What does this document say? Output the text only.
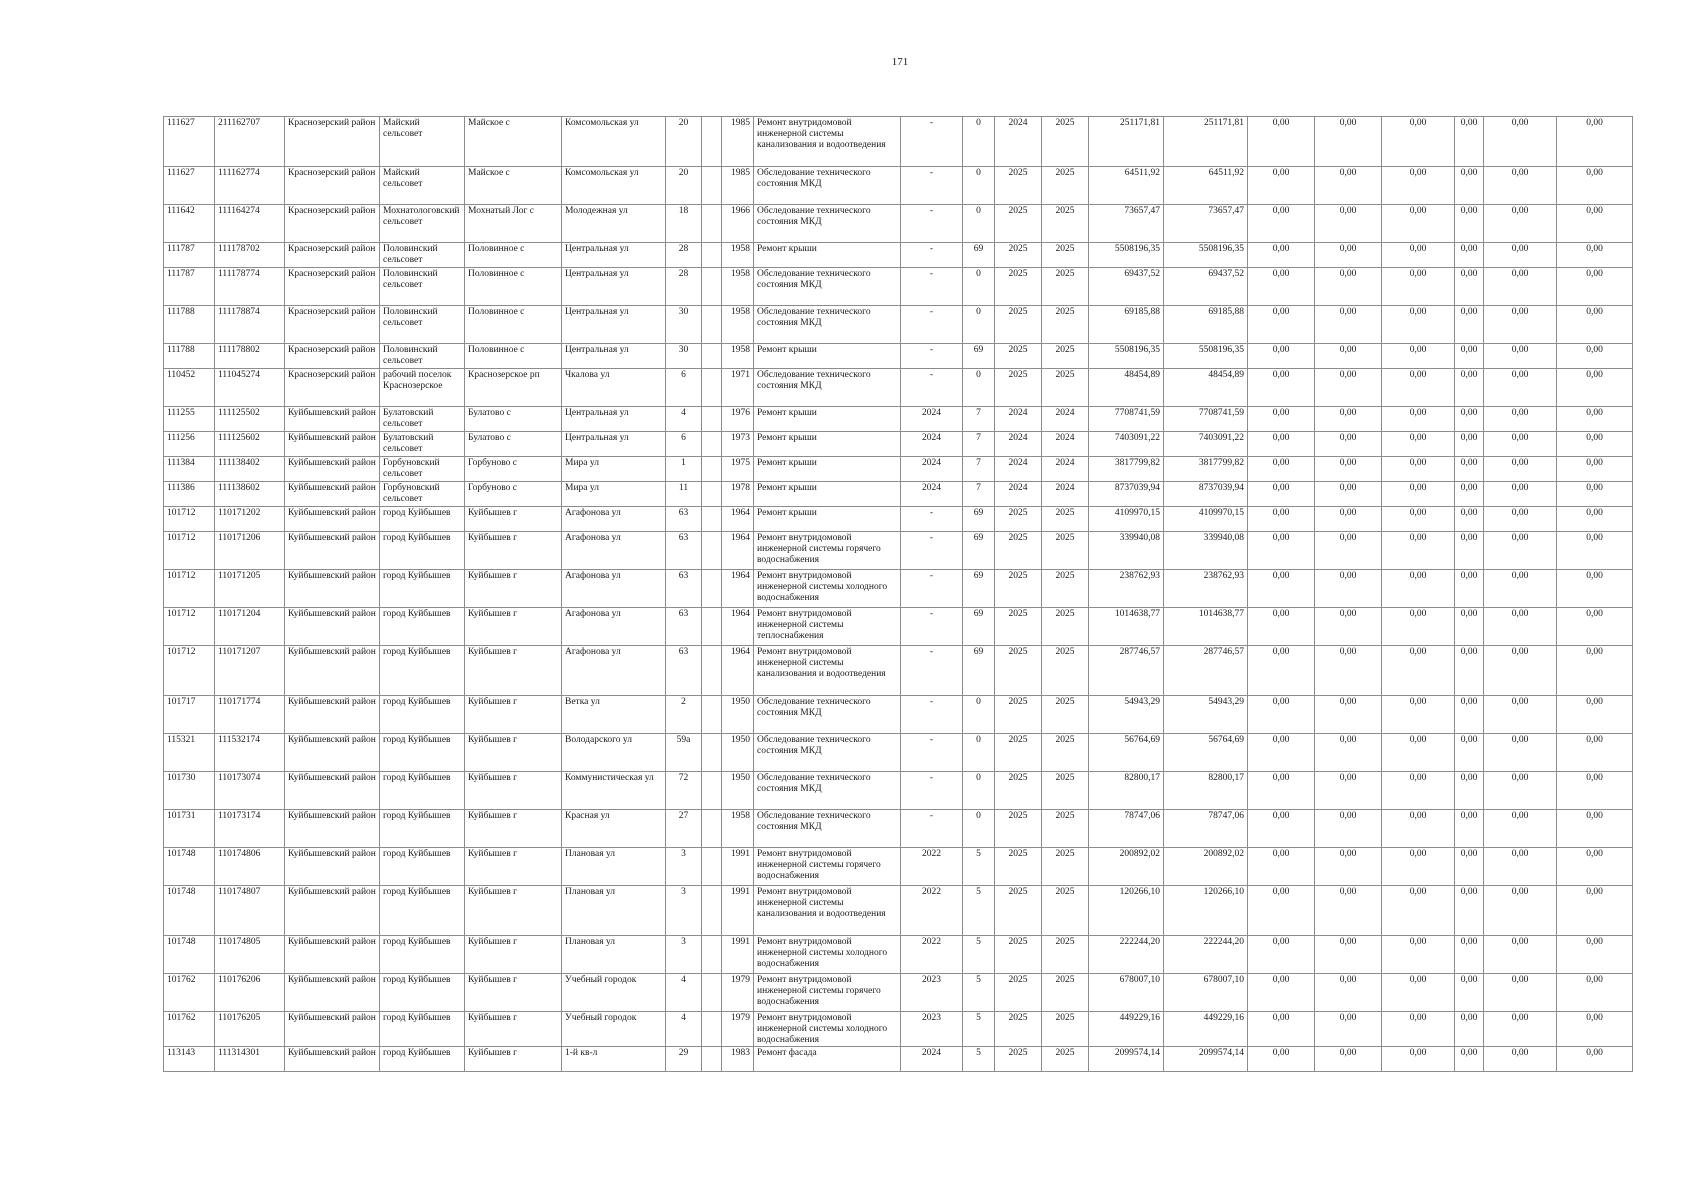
171
111627	211162707	Краснозерский район	Майский сельсовет	Майское с	Комсомольская ул	20		1985	Ремонт внутридомовой инженерной системы канализования и водоотведения	-	0	2024	2025	251171,81	251171,81	0,00	0,00	0,00	0,00	0,00	0,00
111627	111162774	Краснозерский район	Майский сельсовет	Майское с	Комсомольская ул	20		1985	Обследование технического состояния МКД	-	0	2025	2025	64511,92	64511,92	0,00	0,00	0,00	0,00	0,00	0,00
111642	111164274	Краснозерский район	Мохнатологовский сельсовет	Мохнатый Лог с	Молодежная ул	18		1966	Обследование технического состояния МКД	-	0	2025	2025	73657,47	73657,47	0,00	0,00	0,00	0,00	0,00	0,00
111787	111178702	Краснозерский район	Половинский сельсовет	Половинное с	Центральная ул	28		1958	Ремонт крыши	-	69	2025	2025	5508196,35	5508196,35	0,00	0,00	0,00	0,00	0,00	0,00
111787	111178774	Краснозерский район	Половинский сельсовет	Половинное с	Центральная ул	28		1958	Обследование технического состояния МКД	-	0	2025	2025	69437,52	69437,52	0,00	0,00	0,00	0,00	0,00	0,00
111788	111178874	Краснозерский район	Половинский сельсовет	Половинное с	Центральная ул	30		1958	Обследование технического состояния МКД	-	0	2025	2025	69185,88	69185,88	0,00	0,00	0,00	0,00	0,00	0,00
111788	111178802	Краснозерский район	Половинский сельсовет	Половинное с	Центральная ул	30		1958	Ремонт крыши	-	69	2025	2025	5508196,35	5508196,35	0,00	0,00	0,00	0,00	0,00	0,00
110452	111045274	Краснозерский район	рабочий поселок Краснозерское	Краснозерское рп	Чкалова ул	6		1971	Обследование технического состояния МКД	-	0	2025	2025	48454,89	48454,89	0,00	0,00	0,00	0,00	0,00	0,00
111255	111125502	Куйбышевский район	Булатовский сельсовет	Булатово с	Центральная ул	4		1976	Ремонт крыши	2024	7	2024	2024	7708741,59	7708741,59	0,00	0,00	0,00	0,00	0,00	0,00
111256	111125602	Куйбышевский район	Булатовский сельсовет	Булатово с	Центральная ул	6		1973	Ремонт крыши	2024	7	2024	2024	7403091,22	7403091,22	0,00	0,00	0,00	0,00	0,00	0,00
111384	111138402	Куйбышевский район	Горбуновский сельсовет	Горбуново с	Мира ул	1		1975	Ремонт крыши	2024	7	2024	2024	3817799,82	3817799,82	0,00	0,00	0,00	0,00	0,00	0,00
111386	111138602	Куйбышевский район	Горбуновский сельсовет	Горбуново с	Мира ул	11		1978	Ремонт крыши	2024	7	2024	2024	8737039,94	8737039,94	0,00	0,00	0,00	0,00	0,00	0,00
101712	110171202	Куйбышевский район	город Куйбышев	Куйбышев г	Агафонова ул	63		1964	Ремонт крыши	-	69	2025	2025	4109970,15	4109970,15	0,00	0,00	0,00	0,00	0,00	0,00
101712	110171206	Куйбышевский район	город Куйбышев	Куйбышев г	Агафонова ул	63		1964	Ремонт внутридомовой инженерной системы горячего водоснабжения	-	69	2025	2025	339940,08	339940,08	0,00	0,00	0,00	0,00	0,00	0,00
101712	110171205	Куйбышевский район	город Куйбышев	Куйбышев г	Агафонова ул	63		1964	Ремонт внутридомовой инженерной системы холодного водоснабжения	-	69	2025	2025	238762,93	238762,93	0,00	0,00	0,00	0,00	0,00	0,00
101712	110171204	Куйбышевский район	город Куйбышев	Куйбышев г	Агафонова ул	63		1964	Ремонт внутридомовой инженерной системы теплоснабжения	-	69	2025	2025	1014638,77	1014638,77	0,00	0,00	0,00	0,00	0,00	0,00
101712	110171207	Куйбышевский район	город Куйбышев	Куйбышев г	Агафонова ул	63		1964	Ремонт внутридомовой инженерной системы канализования и водоотведения	-	69	2025	2025	287746,57	287746,57	0,00	0,00	0,00	0,00	0,00	0,00
101717	110171774	Куйбышевский район	город Куйбышев	Куйбышев г	Ветка ул	2		1950	Обследование технического состояния МКД	-	0	2025	2025	54943,29	54943,29	0,00	0,00	0,00	0,00	0,00	0,00
115321	111532174	Куйбышевский район	город Куйбышев	Куйбышев г	Володарского ул	59а		1950	Обследование технического состояния МКД	-	0	2025	2025	56764,69	56764,69	0,00	0,00	0,00	0,00	0,00	0,00
101730	110173074	Куйбышевский район	город Куйбышев	Куйбышев г	Коммунистическая ул	72		1950	Обследование технического состояния МКД	-	0	2025	2025	82800,17	82800,17	0,00	0,00	0,00	0,00	0,00	0,00
101731	110173174	Куйбышевский район	город Куйбышев	Куйбышев г	Красная ул	27		1958	Обследование технического состояния МКД	-	0	2025	2025	78747,06	78747,06	0,00	0,00	0,00	0,00	0,00	0,00
101748	110174806	Куйбышевский район	город Куйбышев	Куйбышев г	Плановая ул	3		1991	Ремонт внутридомовой инженерной системы горячего водоснабжения	2022	5	2025	2025	200892,02	200892,02	0,00	0,00	0,00	0,00	0,00	0,00
101748	110174807	Куйбышевский район	город Куйбышев	Куйбышев г	Плановая ул	3		1991	Ремонт внутридомовой инженерной системы канализования и водоотведения	2022	5	2025	2025	120266,10	120266,10	0,00	0,00	0,00	0,00	0,00	0,00
101748	110174805	Куйбышевский район	город Куйбышев	Куйбышев г	Плановая ул	3		1991	Ремонт внутридомовой инженерной системы холодного водоснабжения	2022	5	2025	2025	222244,20	222244,20	0,00	0,00	0,00	0,00	0,00	0,00
101762	110176206	Куйбышевский район	город Куйбышев	Куйбышев г	Учебный городок	4		1979	Ремонт внутридомовой инженерной системы горячего водоснабжения	2023	5	2025	2025	678007,10	678007,10	0,00	0,00	0,00	0,00	0,00	0,00
101762	110176205	Куйбышевский район	город Куйбышев	Куйбышев г	Учебный городок	4		1979	Ремонт внутридомовой инженерной системы холодного водоснабжения	2023	5	2025	2025	449229,16	449229,16	0,00	0,00	0,00	0,00	0,00	0,00
113143	111314301	Куйбышевский район	город Куйбышев	Куйбышев г	1-й кв-л	29		1983	Ремонт фасада	2024	5	2025	2025	2099574,14	2099574,14	0,00	0,00	0,00	0,00	0,00	0,00
